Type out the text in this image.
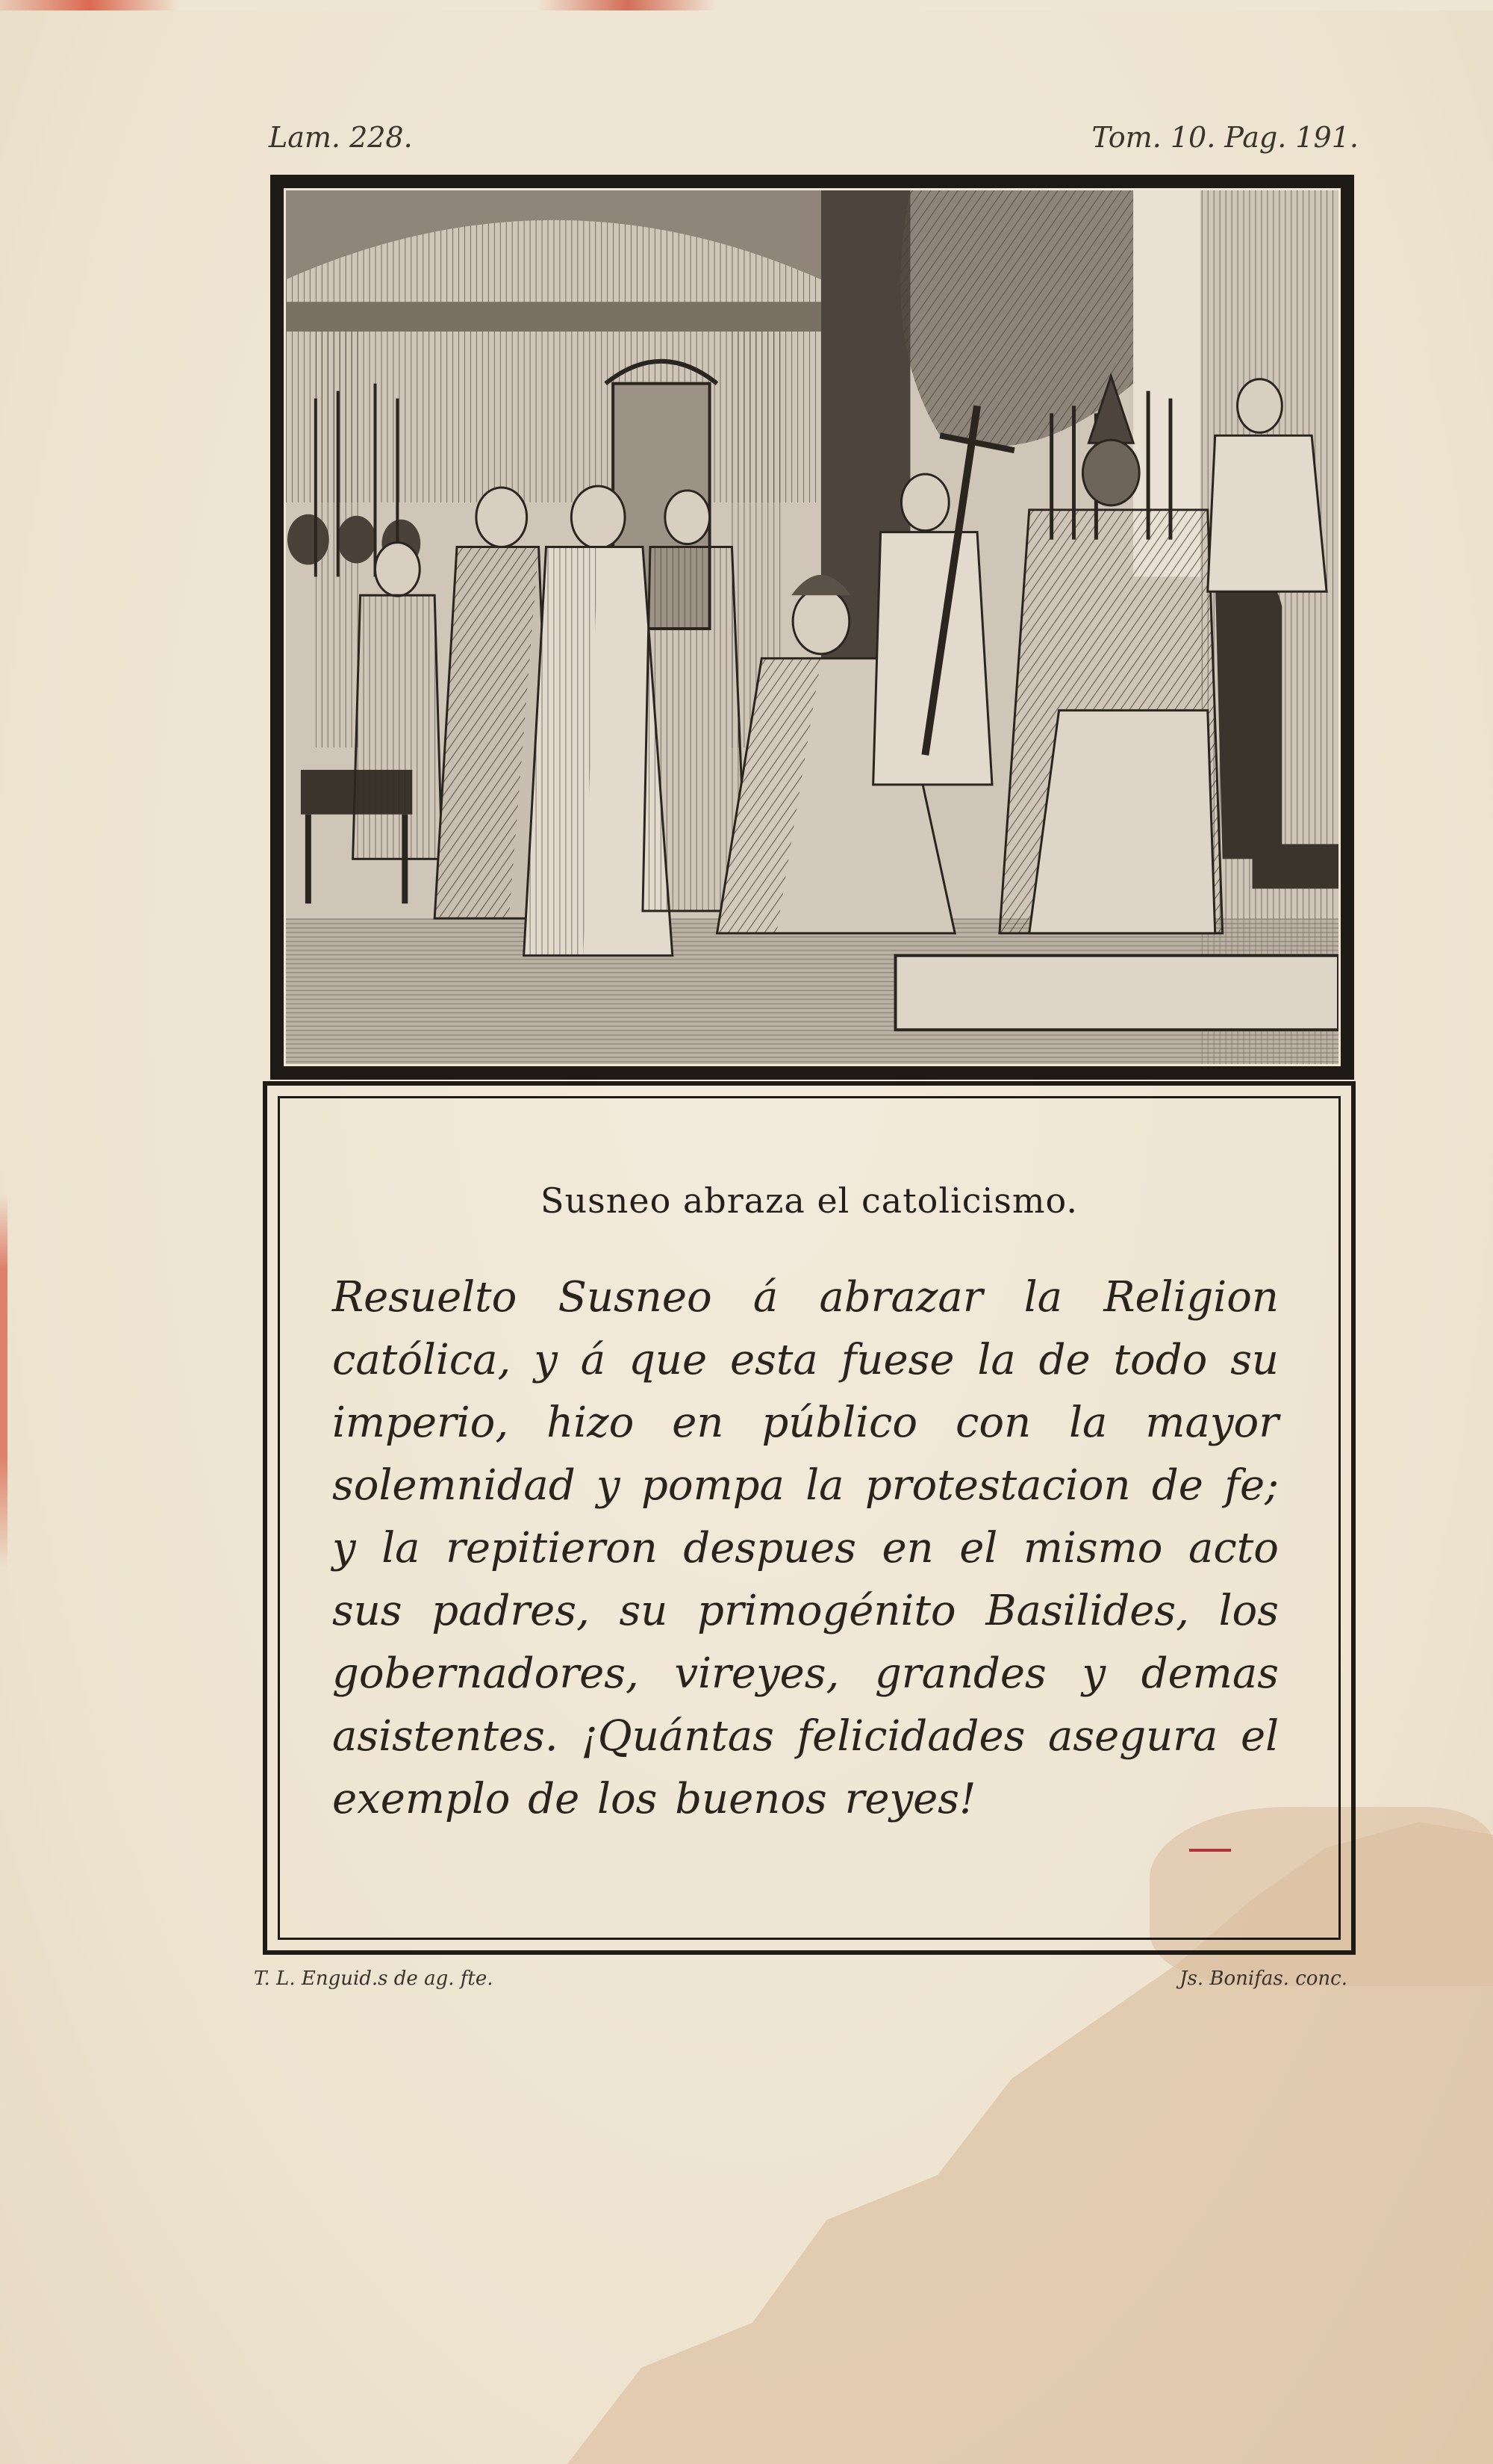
Lam. 228.	Tom. 10. Pag. 191.
Susneo abraza el catolicismo.
Resuelto Susneo á abrazar la Religion católica, y á que esta fuese la de todo su imperio, hizo en público con la mayor solemnidad y pompa la protestacion de fe; y la repitieron despues en el mismo acto sus padres, su primogénito Basilides, los gobernadores, vireyes, grandes y demas asistentes. ¡Quántas felicidades asegura el exemplo de los buenos reyes!
T. L. Enguid.s de ag. fte.	Js. Bonifas. conc.
